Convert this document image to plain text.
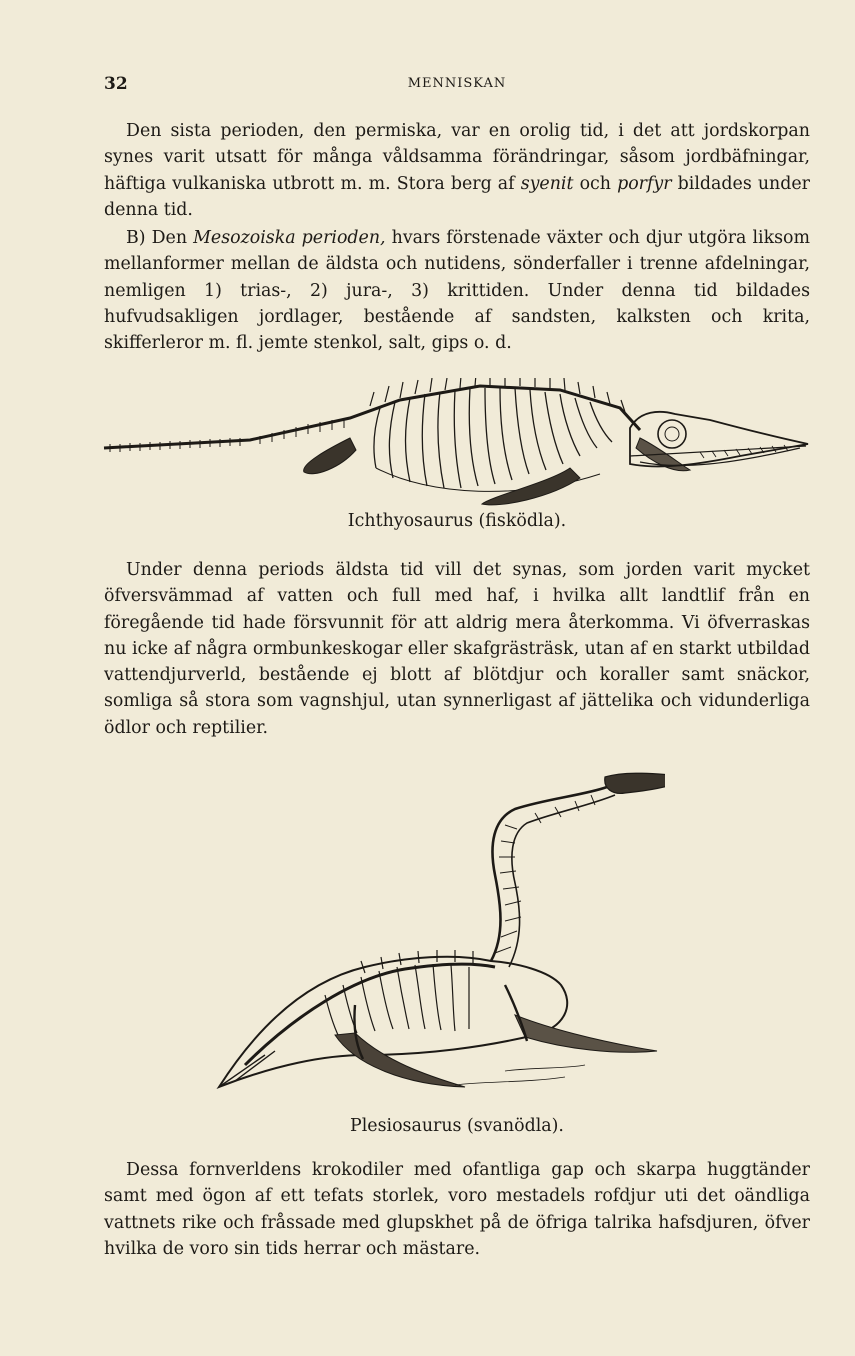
32	MENNISKAN

Den sista perioden, den permiska, var en orolig tid, i det att jordskorpan synes varit utsatt för många våldsamma förändringar, såsom jordbäfningar, häftiga vulkaniska utbrott m. m. Stora berg af syenit och porfyr bildades under denna tid.

B) Den Mesozoiska perioden, hvars förstenade växter och djur utgöra liksom mellanformer mellan de äldsta och nutidens, sönderfaller i trenne afdelningar, nemligen 1) trias-, 2) jura-, 3) krittiden. Under denna tid bildades hufvudsakligen jordlager, bestående af sandsten, kalksten och krita, skifferleror m. fl. jemte stenkol, salt, gips o. d.

Ichthyosaurus (fisködla).

Under denna periods äldsta tid vill det synas, som jorden varit mycket öfversvämmad af vatten och full med haf, i hvilka allt landtlif från en föregående tid hade försvunnit för att aldrig mera återkomma. Vi öfverraskas nu icke af några ormbunkeskogar eller skafgrästräsk, utan af en starkt utbildad vattendjurverld, bestående ej blott af blötdjur och koraller samt snäckor, somliga så stora som vagnshjul, utan synnerligast af jättelika och vidunderliga ödlor och reptilier.

Plesiosaurus (svanödla).

Dessa fornverldens krokodiler med ofantliga gap och skarpa huggtänder samt med ögon af ett tefats storlek, voro mestadels rofdjur uti det oändliga vattnets rike och fråssade med glupskhet på de öfriga talrika hafsdjuren, öfver hvilka de voro sin tids herrar och mästare.
